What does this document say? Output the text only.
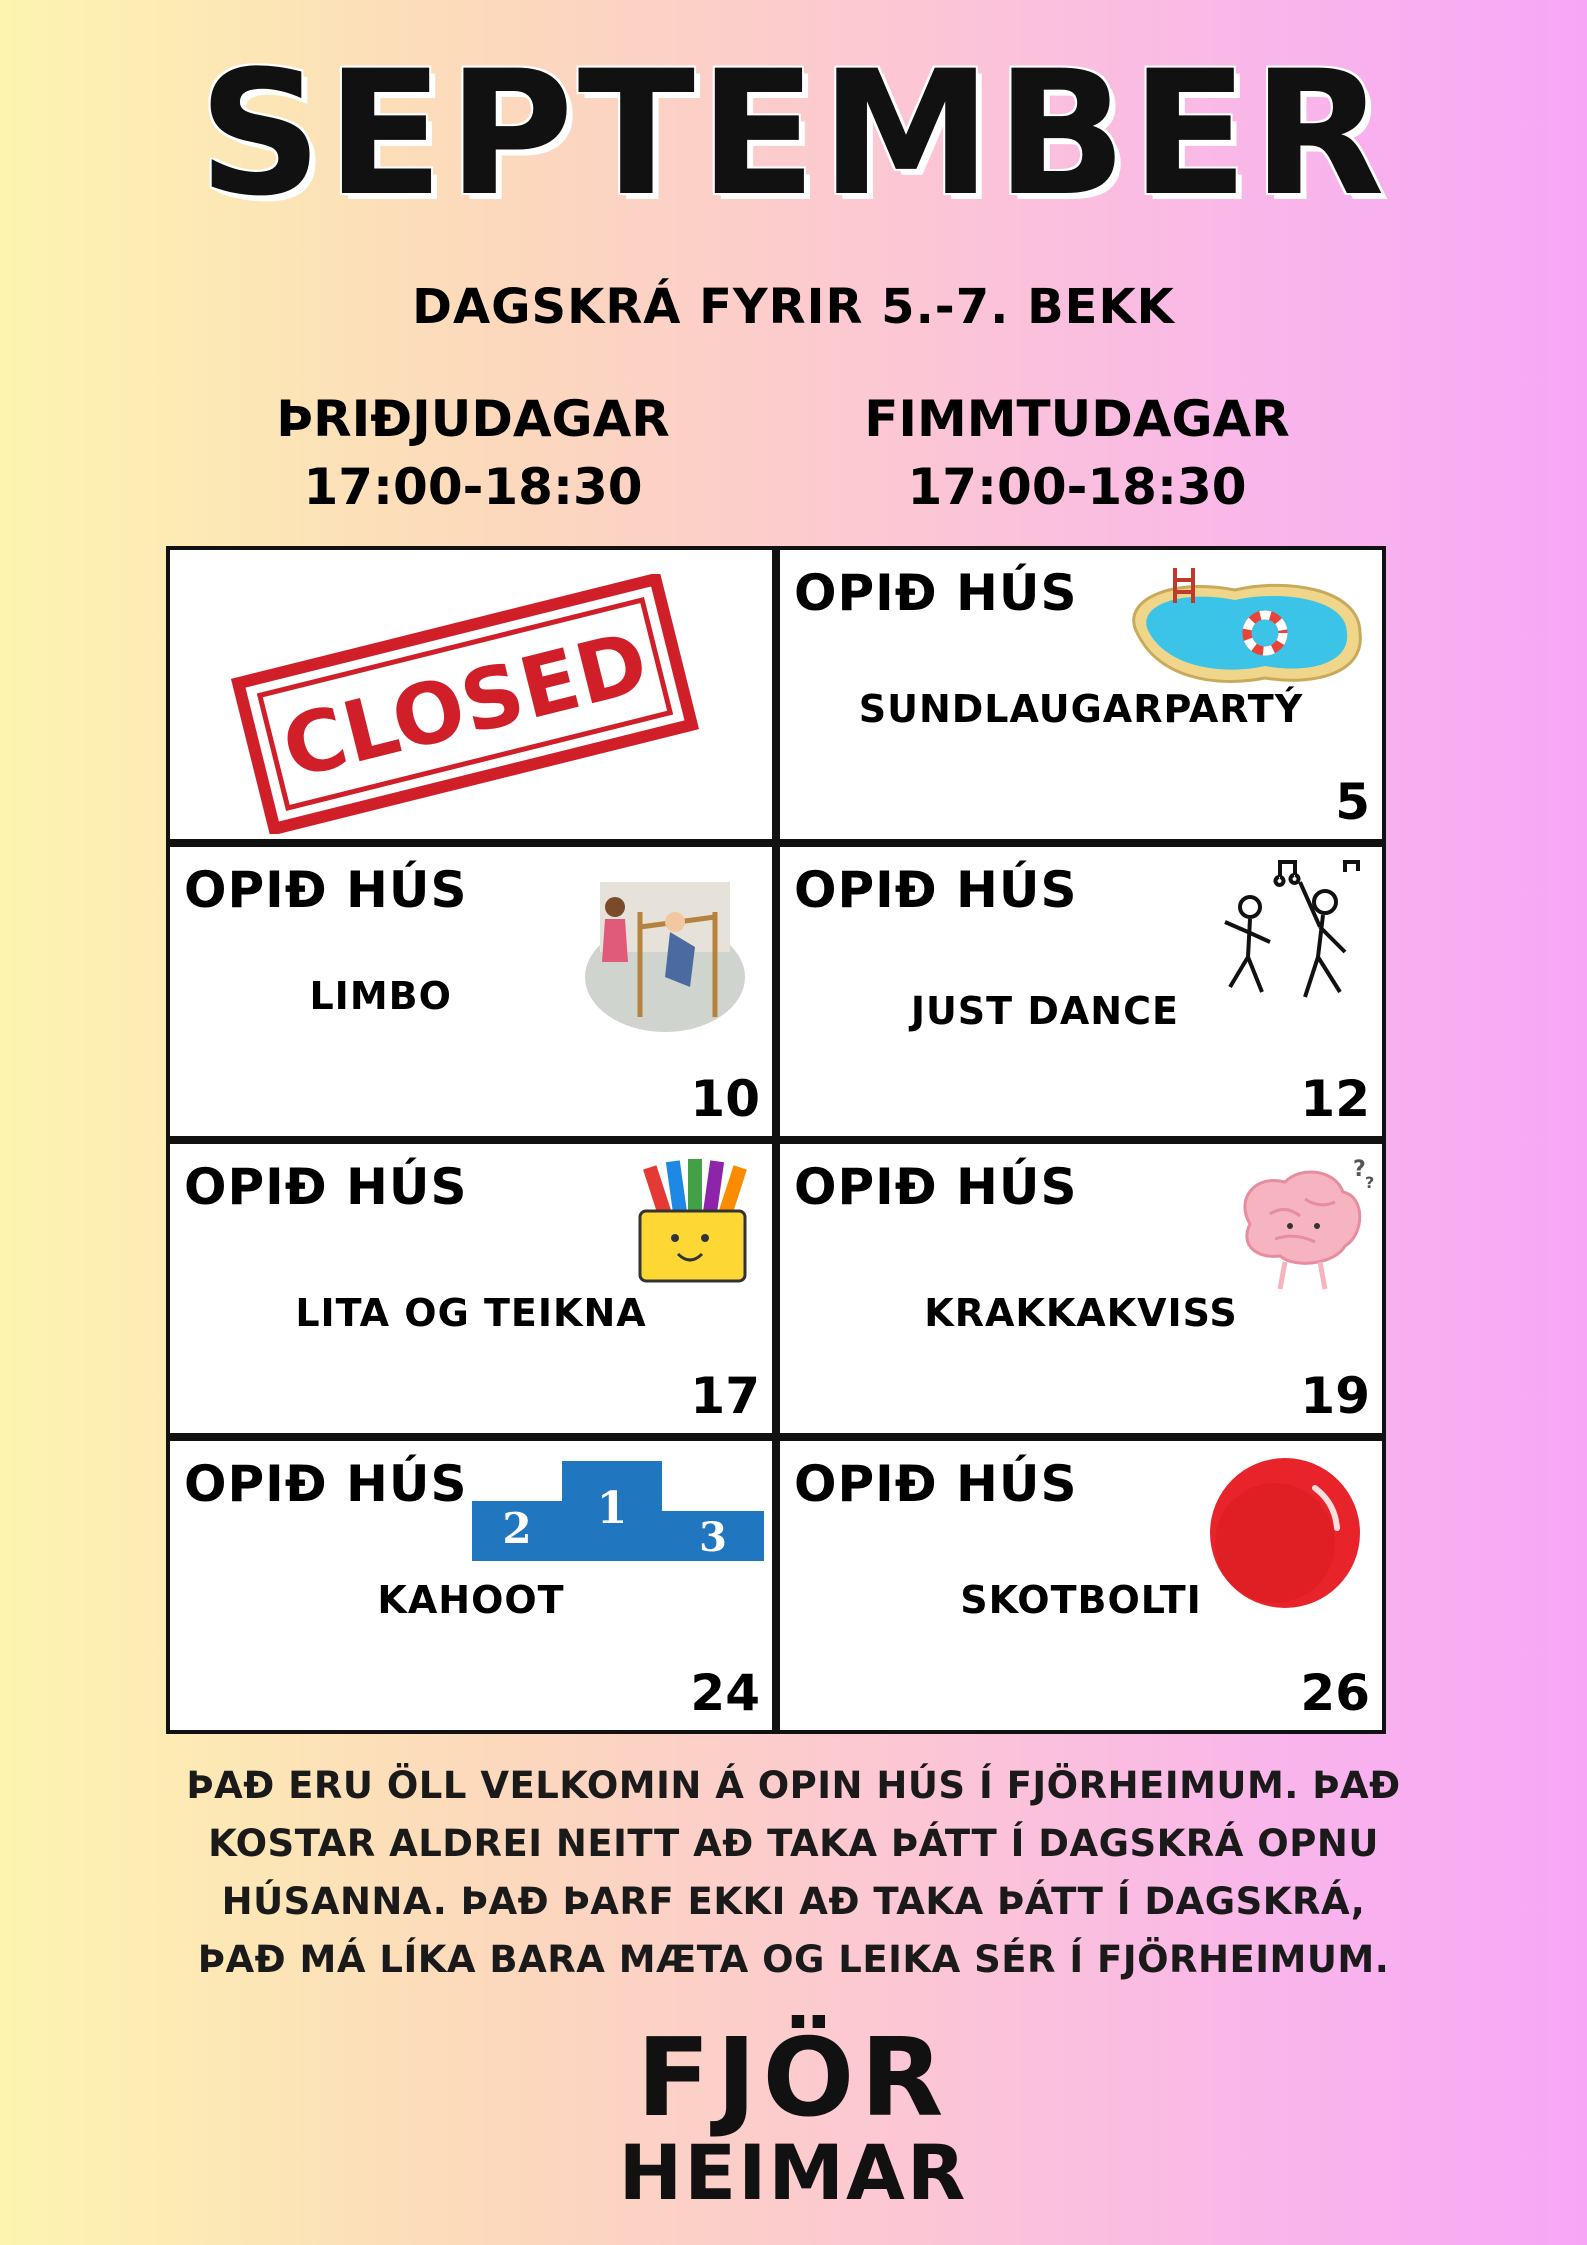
SEPTEMBER
DAGSKRÁ FYRIR 5.-7. BEKK
ÞRIÐJUDAGAR
17:00-18:30
FIMMTUDAGAR
17:00-18:30
CLOSED
OPIÐ HÚS
SUNDLAUGARPARTÝ
5
OPIÐ HÚS
LIMBO
10
OPIÐ HÚS
JUST DANCE
12
OPIÐ HÚS
LITA OG TEIKNA
17
OPIÐ HÚS	?
?
KRAKKAKVISS
19
OPIÐ HÚS
2 1
3
KAHOOT
24
OPIÐ HÚS
SKOTBOLTI
26
ÞAÐ ERU ÖLL VELKOMIN Á OPIN HÚS Í FJÖRHEIMUM. ÞAÐ KOSTAR ALDREI NEITT AÐ TAKA ÞÁTT Í DAGSKRÁ OPNU HÚSANNA. ÞAÐ ÞARF EKKI AÐ TAKA ÞÁTT Í DAGSKRÁ, ÞAÐ MÁ LÍKA BARA MÆTA OG LEIKA SÉR Í FJÖRHEIMUM.
FJÖR
HEIMAR
